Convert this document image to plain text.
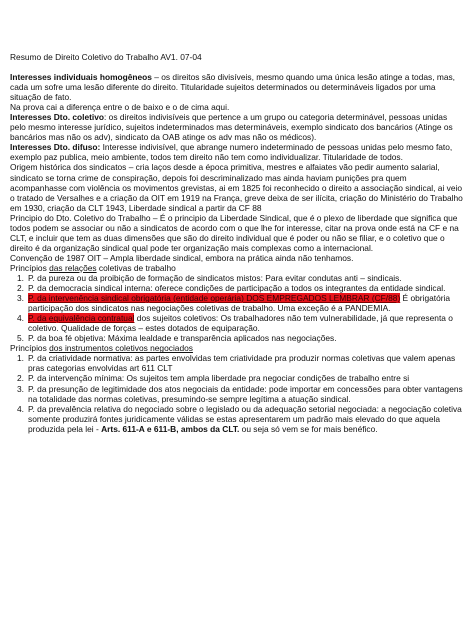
Resumo de Direito Coletivo do Trabalho AV1. 07-04

Interesses individuais homogêneos – os direitos são divisíveis, mesmo quando uma única lesão atinge a todas, mas, cada um sofre uma lesão diferente do direito. Titularidade sujeitos determinados ou determináveis ligados por uma situação de fato.

Na prova cai a diferença entre o de baixo e o de cima aqui.

Interesses Dto. coletivo: os direitos indivisíveis que pertence a um grupo ou categoria determinável, pessoas unidas pelo mesmo interesse jurídico, sujeitos indeterminados mas determináveis, exemplo sindicato dos bancários (Atinge os bancários mas não os adv), sindicato da OAB atinge os adv mas não os médicos).

Interesses Dto. difuso: Interesse indivisível, que abrange numero indeterminado de pessoas unidas pelo mesmo fato, exemplo paz publica, meio ambiente, todos tem direito não tem como individualizar. Titularidade de todos.

Origem histórica dos sindicatos – cria laços desde a época primitiva, mestres e alfaiates vão pedir aumento salarial, sindicato se torna crime de conspiração, depois foi descriminalizado mas ainda haviam punições pra quem acompanhasse com violência os movimentos grevistas, ai em 1825 foi reconhecido o direito a associação sindical, ai veio o tratado de Versalhes e a criação da OIT em 1919 na França, greve deixa de ser ilícita, criação do Ministério do Trabalho em 1930, criação da CLT 1943, Liberdade sindical a partir da CF 88

Principio do Dto. Coletivo do Trabalho – É o principio da Liberdade Sindical, que é o plexo de liberdade que significa que todos podem se associar ou não a sindicatos de acordo com o que lhe for interesse, citar na prova onde está na CF e na CLT, e incluir que tem as duas dimensões que são do direito individual que é poder ou não se filiar, e o coletivo que o direito é da organização sindical qual pode ter organização mais complexas como a internacional.

Convenção de 1987 OIT – Ampla liberdade sindical, embora na prática ainda não tenhamos.

Princípios das relações coletivas de trabalho

1. P. da pureza ou da proibição de formação de sindicatos mistos: Para evitar condutas anti – sindicais.
2. P. da democracia sindical interna: oferece condições de participação a todos os integrantes da entidade sindical.
3. P. da intervenência sindical obrigatória (entidade operária) DOS EMPREGADOS LEMBRAR (CF/88) É obrigatória participação dos sindicatos nas negociações coletivas de trabalho. Uma exceção é a PANDEMIA.
4. P. da equivalência contratual dos sujeitos coletivos: Os trabalhadores não tem vulnerabilidade, já que representa o coletivo. Qualidade de forças – estes dotados de equiparação.
5. P. da boa fé objetiva: Máxima lealdade e transparência aplicados nas negociações.

Princípios dos instrumentos coletivos negociados

1. P. da criatividade normativa: as partes envolvidas tem criatividade pra produzir normas coletivas que valem apenas pras categorias envolvidas art 611 CLT
2. P. da intervenção mínima: Os sujeitos tem ampla liberdade pra negociar condições de trabalho entre si
3. P. da presunção de legitimidade dos atos negociais da entidade: pode importar em concessões para obter vantagens na totalidade das normas coletivas, presumindo-se sempre legítima a atuação sindical.
4. P. da prevalência relativa do negociado sobre o legislado ou da adequação setorial negociada: a negociação coletiva somente produzirá fontes juridicamente válidas se estas apresentarem um padrão mais elevado do que aquela produzida pela lei - Arts. 611-A e 611-B, ambos da CLT. ou seja só vem se for mais benéfico.
